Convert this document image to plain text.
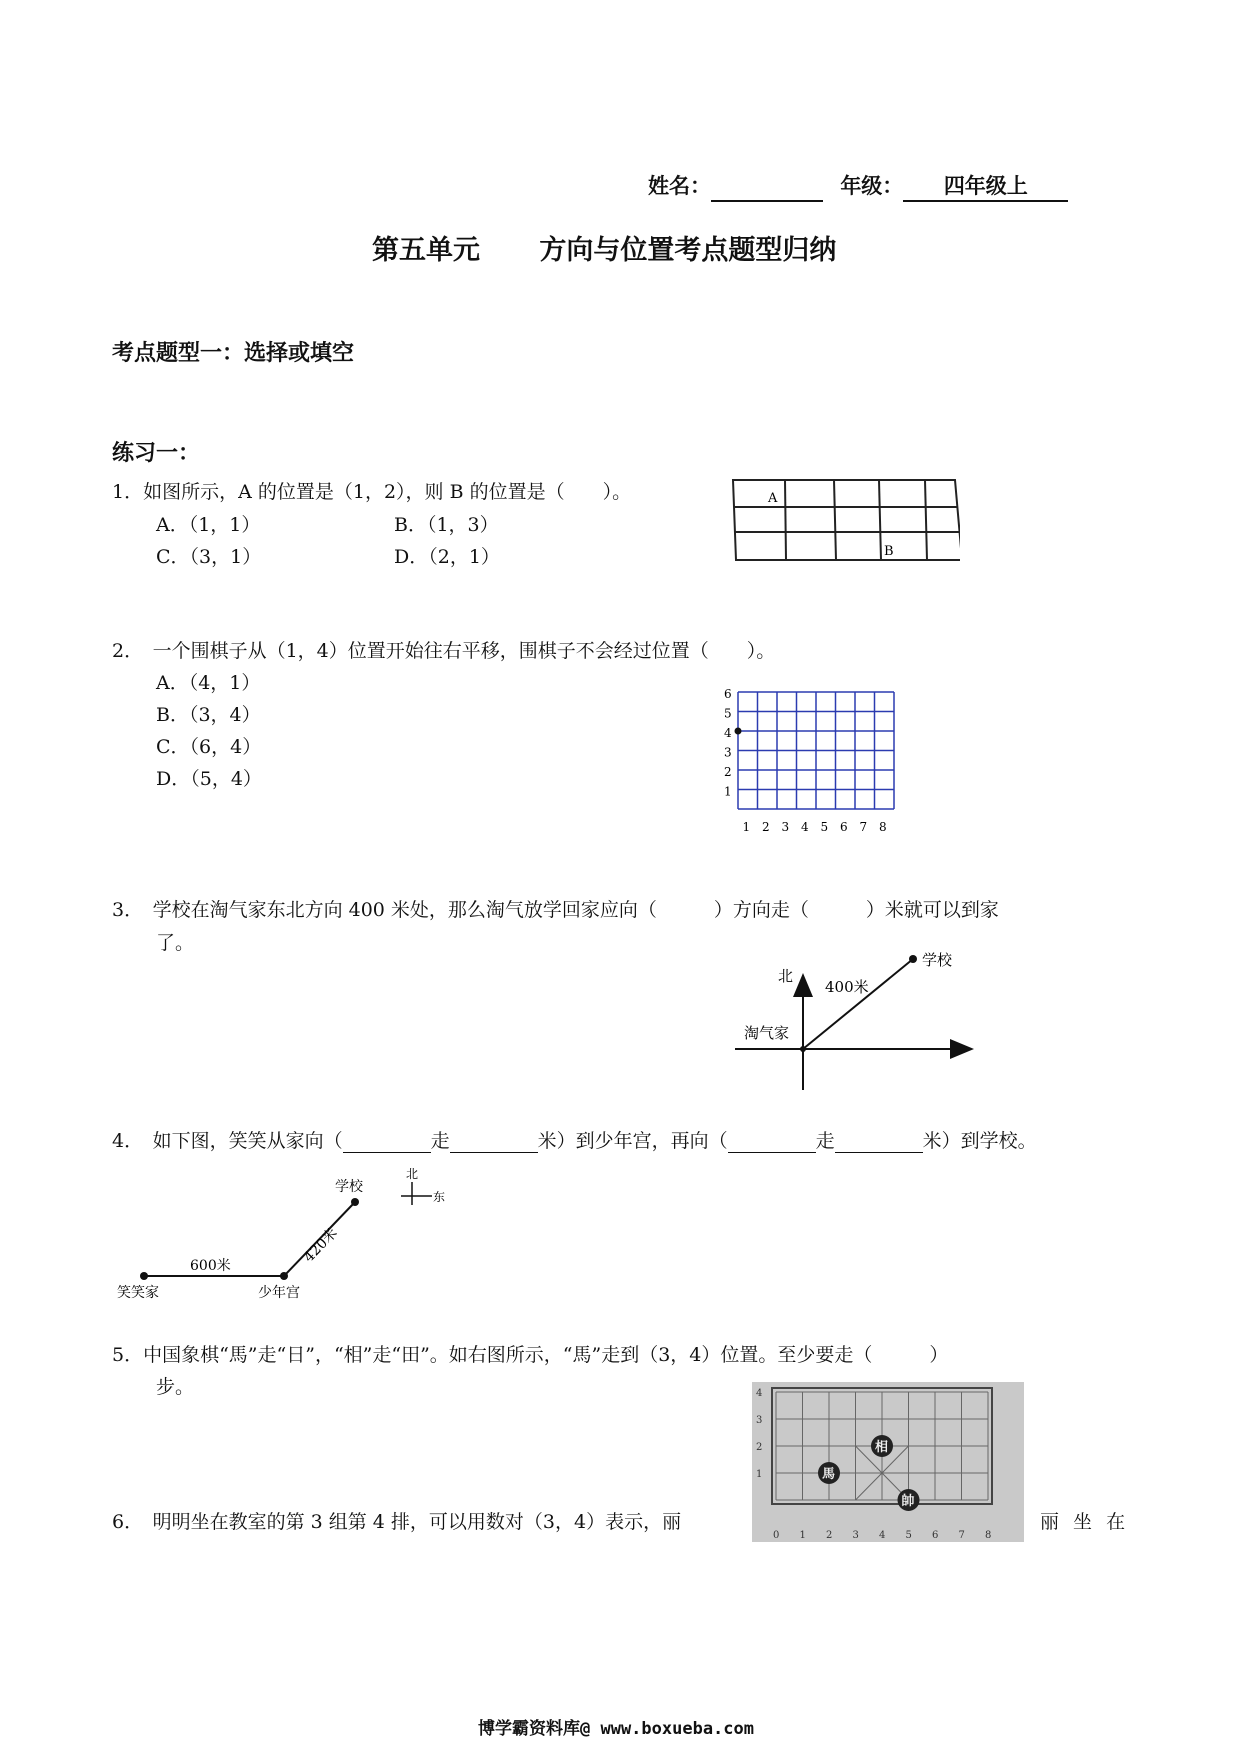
姓名：	年级： 四年级上
第五单元 方向与位置考点题型归纳
考点题型一：选择或填空
练习一：
1．如图所示，A 的位置是（1，2），则 B 的位置是（　　）。
A．（1，1）	B．（1，3）
C．（3，1）	D．（2，1）
A
B
2．　一个围棋子从（1，4）位置开始往右平移，围棋子不会经过位置（　　）。
A．（4，1）
B．（3，4）
C．（6，4）
D．（5，4）
1
2
3
4
5
6
1 2 3 4 5 6 7 8
3．　学校在淘气家东北方向 400 米处，那么淘气放学回家应向（　　　）方向走（　　　）米就可以到家
了。
北
400米
学校
淘气家
4．　如下图，笑笑从家向（	走	米）到少年宫，再向（	走	米）到学校。
学校
420米
600米
笑笑家	少年宫
北
东
5．中国象棋“馬”走“日”，“相”走“田”。如右图所示，“馬”走到（3，4）位置。至少要走（　　　）
步。
1
2
3
4
0 1 2 3 4 5 6 7 8
馬
相
帥
6．　明明坐在教室的第 3 组第 4 排，可以用数对（3，4）表示，丽	丽 坐 在
博学霸资料库@ www.boxueba.com
